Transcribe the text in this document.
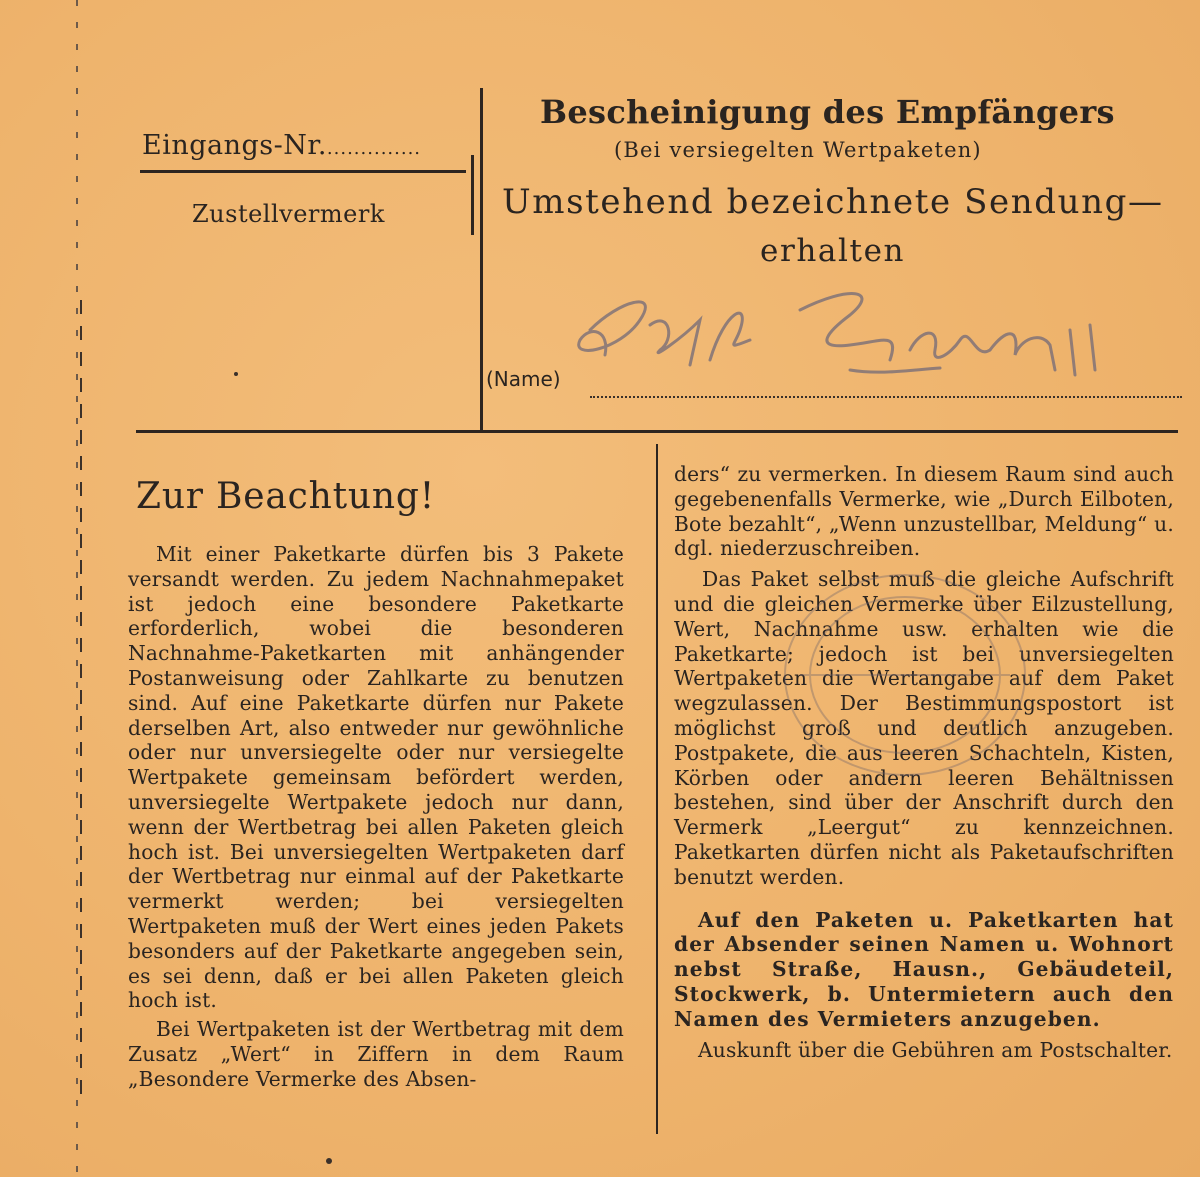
Eingangs-Nr...............
Zustellvermerk
Bescheinigung des Empfängers
(Bei versiegelten Wertpaketen)
Umstehend bezeichnete Sendung—
erhalten
(Name)
Zur Beachtung!

Mit einer Paketkarte dürfen bis 3 Pakete versandt werden. Zu jedem Nachnahmepaket ist jedoch eine besondere Paketkarte erforderlich, wobei die besonderen Nachnahme-Paketkarten mit anhängender Postanweisung oder Zahlkarte zu benutzen sind. Auf eine Paketkarte dürfen nur Pakete derselben Art, also entweder nur gewöhnliche oder nur unversiegelte oder nur versiegelte Wertpakete gemeinsam befördert werden, unversiegelte Wertpakete jedoch nur dann, wenn der Wertbetrag bei allen Paketen gleich hoch ist. Bei unversiegelten Wertpaketen darf der Wertbetrag nur einmal auf der Paketkarte vermerkt werden; bei versiegelten Wertpaketen muß der Wert eines jeden Pakets besonders auf der Paketkarte angegeben sein, es sei denn, daß er bei allen Paketen gleich hoch ist.

Bei Wertpaketen ist der Wertbetrag mit dem Zusatz „Wert“ in Ziffern in dem Raum „Besondere Vermerke des Absen-

ders“ zu vermerken. In diesem Raum sind auch gegebenenfalls Vermerke, wie „Durch Eilboten, Bote bezahlt“, „Wenn unzustellbar, Meldung“ u. dgl. niederzuschreiben.

Das Paket selbst muß die gleiche Aufschrift und die gleichen Vermerke über Eilzustellung, Wert, Nachnahme usw. erhalten wie die Paketkarte; jedoch ist bei unversiegelten Wertpaketen die Wertangabe auf dem Paket wegzulassen. Der Bestimmungspostort ist möglichst groß und deutlich anzugeben. Postpakete, die aus leeren Schachteln, Kisten, Körben oder andern leeren Behältnissen bestehen, sind über der Anschrift durch den Vermerk „Leergut“ zu kennzeichnen. Paketkarten dürfen nicht als Paketaufschriften benutzt werden.

Auf den Paketen u. Paketkarten hat der Absender seinen Namen u. Wohnort nebst Straße, Hausn., Gebäudeteil, Stockwerk, b. Untermietern auch den Namen des Vermieters anzugeben.

Auskunft über die Gebühren am Postschalter.
